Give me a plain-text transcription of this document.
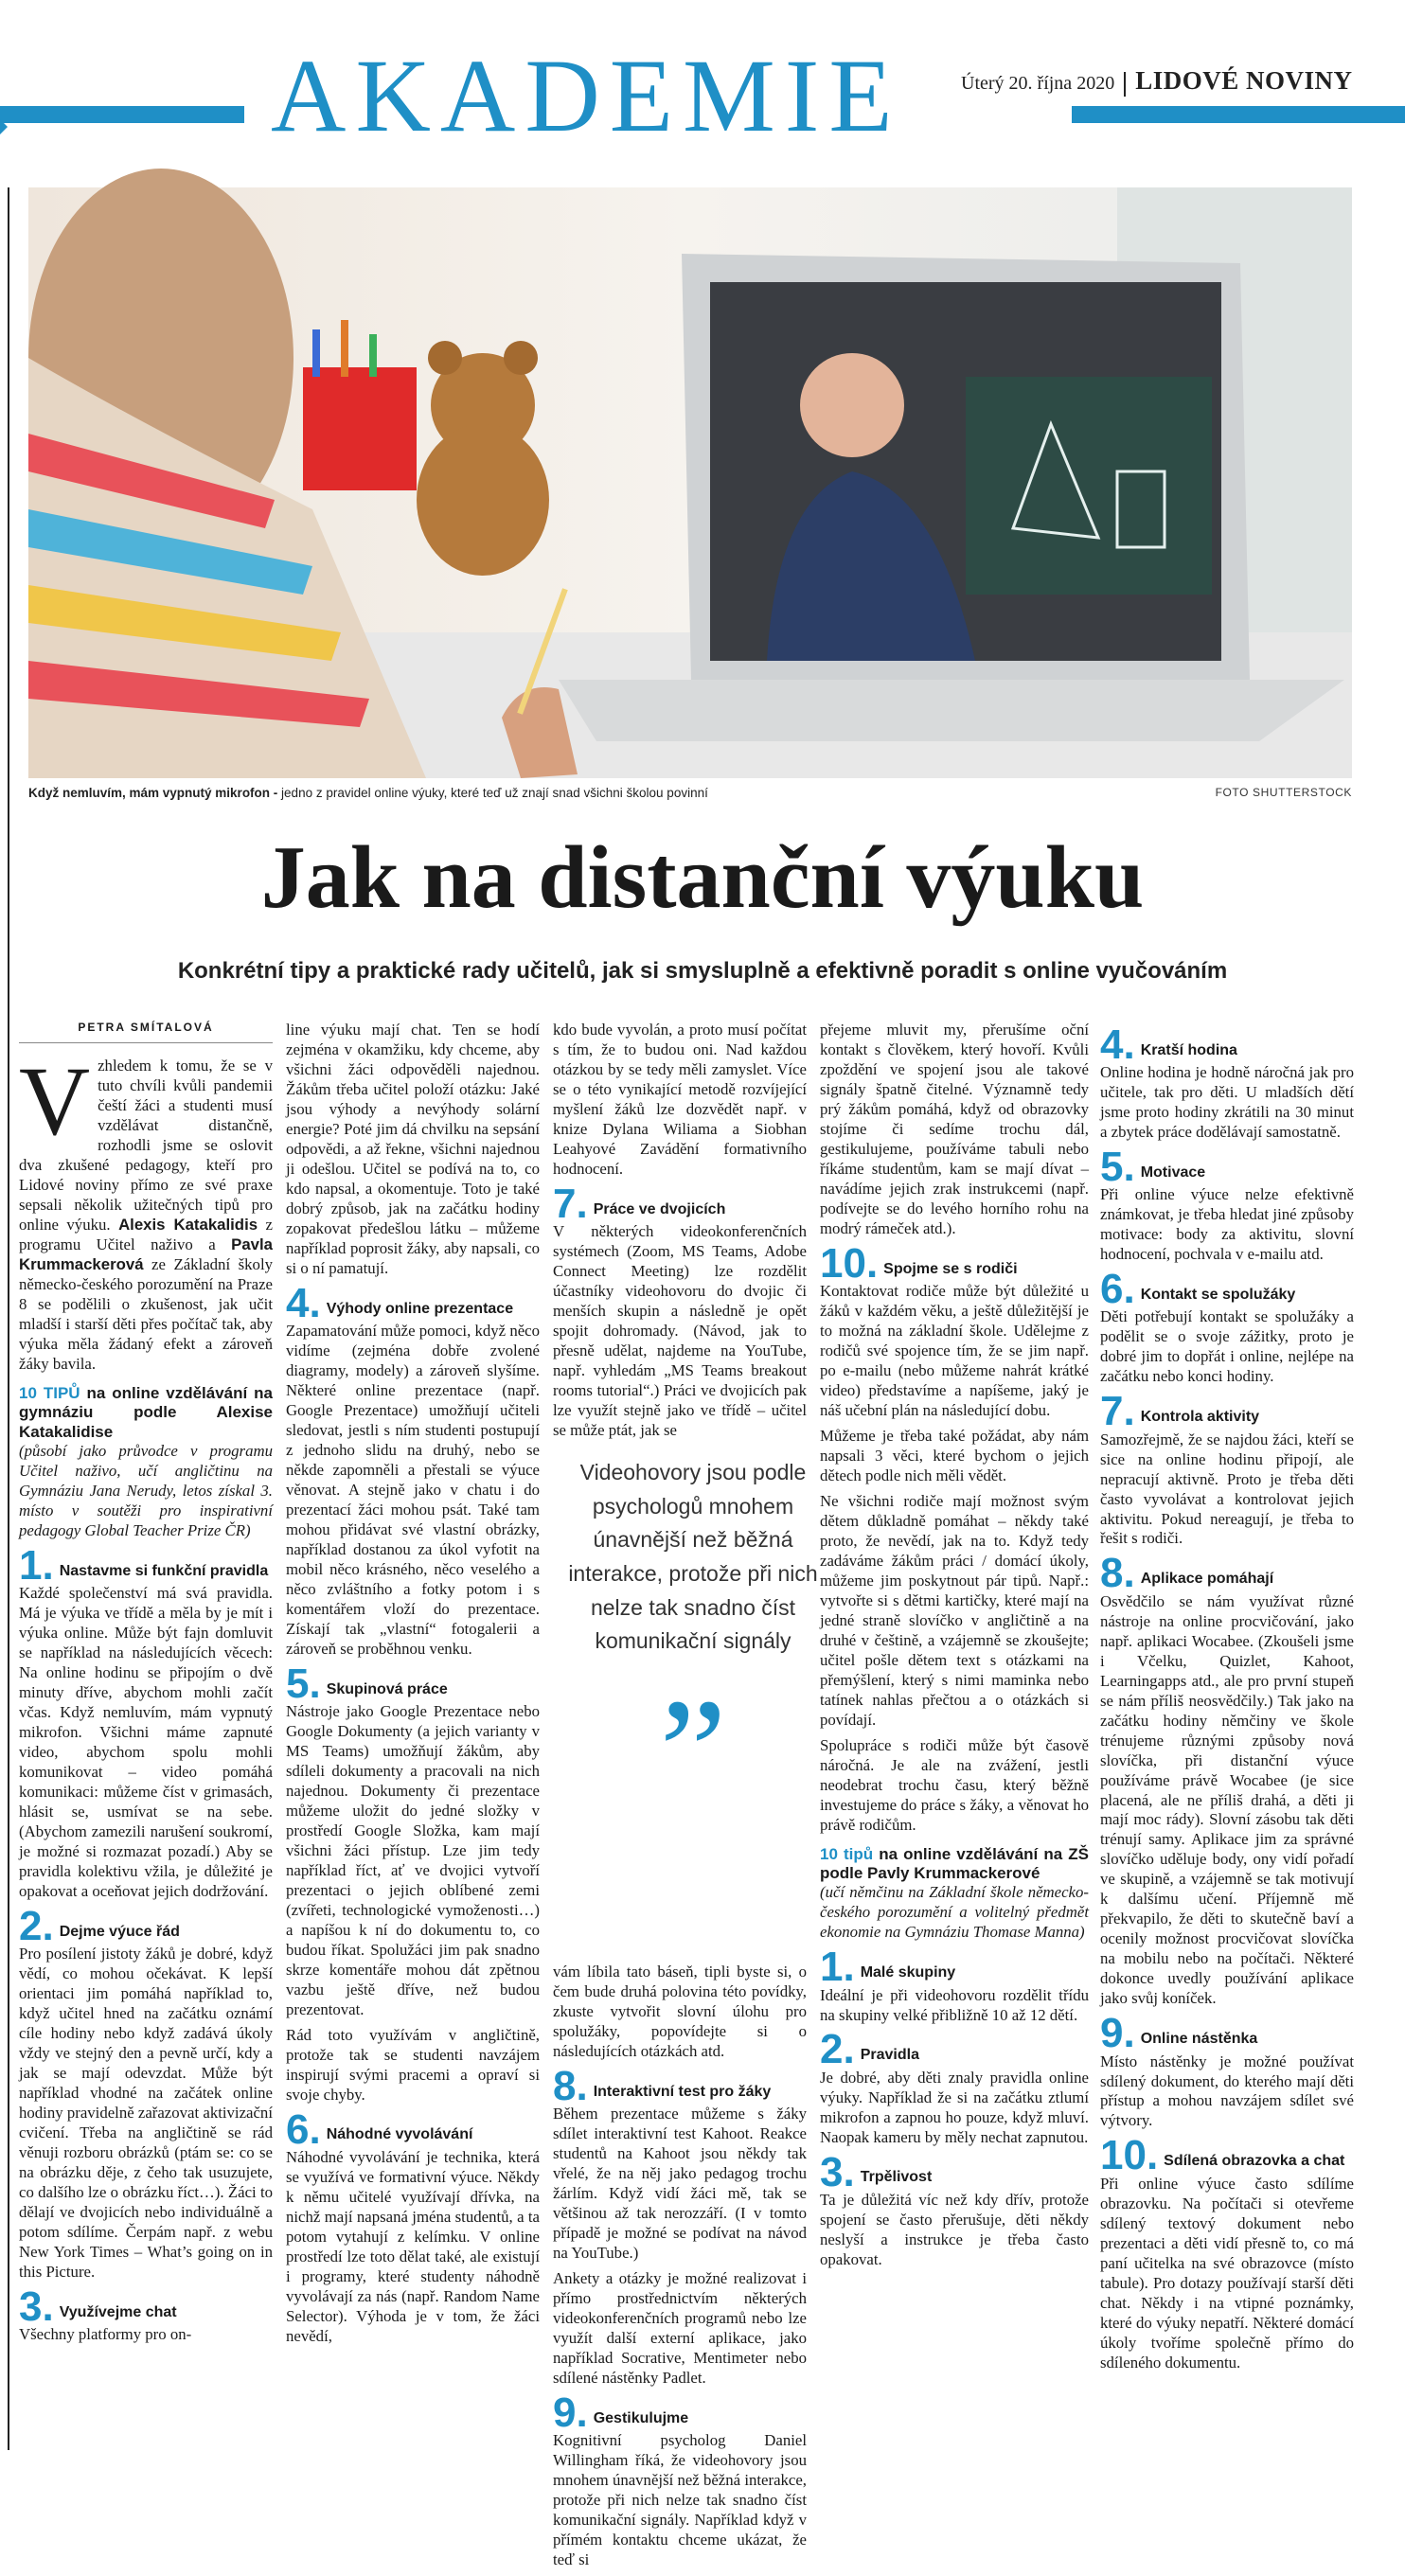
AKADEMIE	Úterý 20. října 2020 LIDOVÉ NOVINY
Když nemluvím, mám vypnutý mikrofon - jedno z pravidel online výuky, které teď už znají snad všichni školou povinní	FOTO SHUTTERSTOCK
Jak na distanční výuku
Konkrétní tipy a praktické rady učitelů, jak si smysluplně a efektivně poradit s online vyučováním
PETRA SMÍTALOVÁ

Vzhledem k tomu, že se v tuto chvíli kvůli pandemii čeští žáci a studenti musí vzdělávat distančně, rozhodli jsme se oslovit dva zkušené pedagogy, kteří pro Lidové noviny přímo ze své praxe sepsali několik užitečných tipů pro online výuku. Alexis Katakalidis z programu Učitel naživo a Pavla Krummackerová ze Základní školy německo-českého porozumění na Praze 8 se podělili o zkušenost, jak učit mladší i starší děti přes počítač tak, aby výuka měla žádaný efekt a zároveň žáky bavila.

10 TIPŮ na online vzdělávání na gymnáziu podle Alexise Katakalidise

(působí jako průvodce v programu Učitel naživo, učí angličtinu na Gymnáziu Jana Nerudy, letos získal 3. místo v soutěži pro inspirativní pedagogy Global Teacher Prize ČR)

1. Nastavme si funkční pravidla

Každé společenství má svá pravidla. Má je výuka ve třídě a měla by je mít i výuka online. Může být fajn domluvit se například na následujících věcech: Na online hodinu se připojím o dvě minuty dříve, abychom mohli začít včas. Když nemluvím, mám vypnutý mikrofon. Všichni máme zapnuté video, abychom spolu mohli komunikovat – video pomáhá komunikaci: můžeme číst v grimasách, hlásit se, usmívat se na sebe. (Abychom zamezili narušení soukromí, je možné si rozmazat pozadí.) Aby se pravidla kolektivu vžila, je důležité je opakovat a oceňovat jejich dodržování.

2. Dejme výuce řád

Pro posílení jistoty žáků je dobré, když vědí, co mohou očekávat. K lepší orientaci jim pomáhá například to, když učitel hned na začátku oznámí cíle hodiny nebo když zadává úkoly vždy ve stejný den a pevně určí, kdy a jak se mají odevzdat. Může být například vhodné na začátek online hodiny pravidelně zařazovat aktivizační cvičení. Třeba na angličtině se rád věnuji rozboru obrázků (ptám se: co se na obrázku děje, z čeho tak usuzujete, co dalšího lze o obrázku říct…). Žáci to dělají ve dvojicích nebo individuálně a potom sdílíme. Čerpám např. z webu New York Times – What’s going on in this Picture.

3. Využívejme chat

Všechny platformy pro on-

line výuku mají chat. Ten se hodí zejména v okamžiku, kdy chceme, aby všichni žáci odpověděli najednou. Žákům třeba učitel položí otázku: Jaké jsou výhody a nevýhody solární energie? Poté jim dá chvilku na sepsání odpovědi, a až řekne, všichni najednou ji odešlou. Učitel se podívá na to, co kdo napsal, a okomentuje. Toto je také dobrý způsob, jak na začátku hodiny zopakovat předešlou látku – můžeme například poprosit žáky, aby napsali, co si o ní pamatují.

4. Výhody online prezentace

Zapamatování může pomoci, když něco vidíme (zejména dobře zvolené diagramy, modely) a zároveň slyšíme. Některé online prezentace (např. Google Prezentace) umožňují učiteli sledovat, jestli s ním studenti postupují z jednoho slidu na druhý, nebo se někde zapomněli a přestali se výuce věnovat. A stejně jako v chatu i do prezentací žáci mohou psát. Také tam mohou přidávat své vlastní obrázky, například dostanou za úkol vyfotit na mobil něco krásného, něco veselého a něco zvláštního a fotky potom i s komentářem vloží do prezentace. Získají tak „vlastní“ fotogalerii a zároveň se proběhnou venku.

5. Skupinová práce

Nástroje jako Google Prezentace nebo Google Dokumenty (a jejich varianty v MS Teams) umožňují žákům, aby sdíleli dokumenty a pracovali na nich najednou. Dokumenty či prezentace můžeme uložit do jedné složky v prostředí Google Složka, kam mají všichni žáci přístup. Lze jim tedy například říct, ať ve dvojici vytvoří prezentaci o jejich oblíbené zemi (zvířeti, technologické vymoženosti…) a napíšou k ní do dokumentu to, co budou říkat. Spolužáci jim pak snadno skrze komentáře mohou dát zpětnou vazbu ještě dříve, než budou prezentovat.

Rád toto využívám v angličtině, protože tak se studenti navzájem inspirují svými pracemi a opraví si svoje chyby.

6. Náhodné vyvolávání

Náhodné vyvolávání je technika, která se využívá ve formativní výuce. Někdy k němu učitelé využívají dřívka, na nichž mají napsaná jména studentů, a ta potom vytahují z kelímku. V online prostředí lze toto dělat také, ale existují i programy, které studenty náhodně vyvolávají za nás (např. Random Name Selector). Výhoda je v tom, že žáci nevědí,

kdo bude vyvolán, a proto musí počítat s tím, že to budou oni. Nad každou otázkou by se tedy měli zamyslet. Více se o této vynikající metodě rozvíjející myšlení žáků lze dozvědět např. v knize Dylana Wiliama a Siobhan Leahyové Zavádění formativního hodnocení.

7. Práce ve dvojicích

V některých videokonferenčních systémech (Zoom, MS Teams, Adobe Connect Meeting) lze rozdělit účastníky videohovoru do dvojic či menších skupin a následně je opět spojit dohromady. (Návod, jak to přesně udělat, najdeme na YouTube, např. vyhledám „MS Teams breakout rooms tutorial“.) Práci ve dvojicích pak lze využít stejně jako ve třídě – učitel se může ptát, jak se

vám líbila tato báseň, tipli byste si, o čem bude druhá polovina této povídky, zkuste vytvořit slovní úlohu pro spolužáky, popovídejte si o následujících otázkách atd.

8. Interaktivní test pro žáky

Během prezentace můžeme s žáky sdílet interaktivní test Kahoot. Reakce studentů na Kahoot jsou někdy tak vřelé, že na něj jako pedagog trochu žárlím. Když vidí žáci mě, tak se většinou až tak nerozzáří. (I v tomto případě je možné se podívat na návod na YouTube.)

Ankety a otázky je možné realizovat i přímo prostřednictvím některých videokonferenčních programů nebo lze využít další externí aplikace, jako například Socrative, Mentimeter nebo sdílené nástěnky Padlet.

9. Gestikulujme

Kognitivní psycholog Daniel Willingham říká, že videohovory jsou mnohem únavnější než běžná interakce, protože při nich nelze tak snadno číst komunikační signály. Například když v přímém kontaktu chceme ukázat, že teď si

Videohovory jsou podle psychologů mnohem únavnější než běžná interakce, protože při nich nelze tak snadno číst komunikační signály
”

přejeme mluvit my, přerušíme oční kontakt s člověkem, který hovoří. Kvůli zpoždění ve spojení jsou ale takové signály špatně čitelné. Významně tedy prý žákům pomáhá, když od obrazovky stojíme či sedíme trochu dál, gestikulujeme, používáme tabuli nebo říkáme studentům, kam se mají dívat – navádíme jejich zrak instrukcemi (např. podívejte se do levého horního rohu na modrý rámeček atd.).

10. Spojme se s rodiči

Kontaktovat rodiče může být důležité u žáků v každém věku, a ještě důležitější je to možná na základní škole. Udělejme z rodičů své spojence tím, že se jim např. po e-mailu (nebo můžeme nahrát krátké video) představíme a napíšeme, jaký je náš učební plán na následující dobu.

Můžeme je třeba také požádat, aby nám napsali 3 věci, které bychom o jejich dětech podle nich měli vědět.

Ne všichni rodiče mají možnost svým dětem důkladně pomáhat – někdy také proto, že nevědí, jak na to. Když tedy zadáváme žákům práci / domácí úkoly, můžeme jim poskytnout pár tipů. Např.: vytvořte si s dětmi kartičky, které mají na jedné straně slovíčko v angličtině a na druhé v češtině, a vzájemně se zkoušejte; učitel pošle dětem text s otázkami na přemýšlení, který s nimi maminka nebo tatínek nahlas přečtou a o otázkách si povídají.

Spolupráce s rodiči může být časově náročná. Je ale na zvážení, jestli neodebrat trochu času, který běžně investujeme do práce s žáky, a věnovat ho právě rodičům.

10 tipů na online vzdělávání na ZŠ podle Pavly Krummackerové

(učí němčinu na Základní škole německo-českého porozumění a volitelný předmět ekonomie na Gymnáziu Thomase Manna)

1. Malé skupiny

Ideální je při videohovoru rozdělit třídu na skupiny velké přibližně 10 až 12 dětí.

2. Pravidla

Je dobré, aby děti znaly pravidla online výuky. Například že si na začátku ztlumí mikrofon a zapnou ho pouze, když mluví. Naopak kameru by měly nechat zapnutou.

3. Trpělivost

Ta je důležitá víc než kdy dřív, protože spojení se často přerušuje, děti někdy neslyší a instrukce je třeba často opakovat.

4. Kratší hodina

Online hodina je hodně náročná jak pro učitele, tak pro děti. U mladších dětí jsme proto hodiny zkrátili na 30 minut a zbytek práce dodělávají samostatně.

5. Motivace

Při online výuce nelze efektivně známkovat, je třeba hledat jiné způsoby motivace: body za aktivitu, slovní hodnocení, pochvala v e-mailu atd.

6. Kontakt se spolužáky

Děti potřebují kontakt se spolužáky a podělit se o svoje zážitky, proto je dobré jim to dopřát i online, nejlépe na začátku nebo konci hodiny.

7. Kontrola aktivity

Samozřejmě, že se najdou žáci, kteří se sice na online hodinu připojí, ale nepracují aktivně. Proto je třeba děti často vyvolávat a kontrolovat jejich aktivitu. Pokud nereagují, je třeba to řešit s rodiči.

8. Aplikace pomáhají

Osvědčilo se nám využívat různé nástroje na online procvičování, jako např. aplikaci Wocabee. (Zkoušeli jsme i Včelku, Quizlet, Kahoot, Learningapps atd., ale pro první stupeň se nám příliš neosvědčily.) Tak jako na začátku hodiny němčiny ve škole trénujeme různými způsoby nová slovíčka, při distanční výuce používáme právě Wocabee (je sice placená, ale ne příliš drahá, a děti ji mají moc rády). Slovní zásobu tak děti trénují samy. Aplikace jim za správné slovíčko uděluje body, ony vidí pořadí ve skupině, a vzájemně se tak motivují k dalšímu učení. Příjemně mě překvapilo, že děti to skutečně baví a ocenily možnost procvičovat slovíčka na mobilu nebo na počítači. Některé dokonce uvedly používání aplikace jako svůj koníček.

9. Online nástěnka

Místo nástěnky je možné používat sdílený dokument, do kterého mají děti přístup a mohou navzájem sdílet své výtvory.

10. Sdílená obrazovka a chat

Při online výuce často sdílíme obrazovku. Na počítači si otevřeme sdílený textový dokument nebo prezentaci a děti vidí přesně to, co má paní učitelka na své obrazovce (místo tabule). Pro dotazy používají starší děti chat. Někdy i na vtipné poznámky, které do výuky nepatří. Některé domácí úkoly tvoříme společně přímo do sdíleného dokumentu.
